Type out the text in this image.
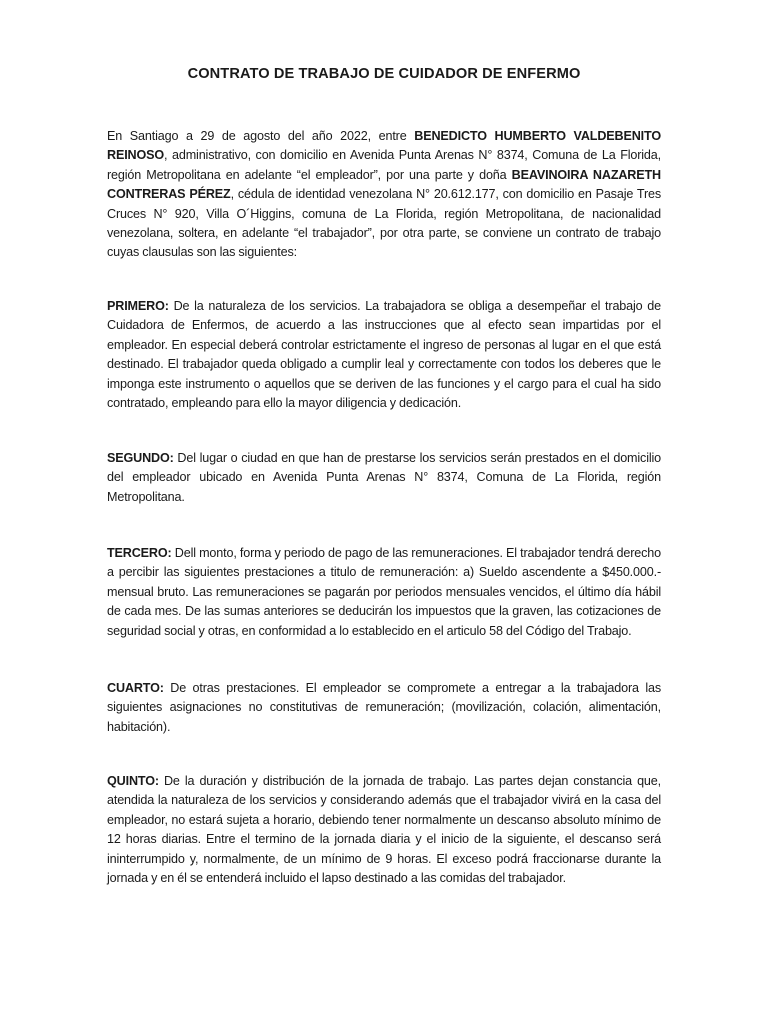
CONTRATO DE TRABAJO DE CUIDADOR DE ENFERMO

En Santiago a 29 de agosto del año 2022, entre BENEDICTO HUMBERTO VALDEBENITO REINOSO, administrativo, con domicilio en Avenida Punta Arenas N° 8374, Comuna de La Florida, región Metropolitana en adelante “el empleador”, por una parte y doña BEAVINOIRA NAZARETH CONTRERAS PÉREZ, cédula de identidad venezolana N° 20.612.177, con domicilio en Pasaje Tres Cruces N° 920, Villa O´Higgins, comuna de La Florida, región Metropolitana, de nacionalidad venezolana, soltera, en adelante “el trabajador”, por otra parte, se conviene un contrato de trabajo cuyas clausulas son las siguientes:

PRIMERO: De la naturaleza de los servicios. La trabajadora se obliga a desempeñar el trabajo de Cuidadora de Enfermos, de acuerdo a las instrucciones que al efecto sean impartidas por el empleador. En especial deberá controlar estrictamente el ingreso de personas al lugar en el que está destinado. El trabajador queda obligado a cumplir leal y correctamente con todos los deberes que le imponga este instrumento o aquellos que se deriven de las funciones y el cargo para el cual ha sido contratado, empleando para ello la mayor diligencia y dedicación.

SEGUNDO: Del lugar o ciudad en que han de prestarse los servicios serán prestados en el domicilio del empleador ubicado en Avenida Punta Arenas N° 8374, Comuna de La Florida, región Metropolitana.

TERCERO: Dell monto, forma y periodo de pago de las remuneraciones. El trabajador tendrá derecho a percibir las siguientes prestaciones a titulo de remuneración: a) Sueldo ascendente a $450.000.- mensual bruto. Las remuneraciones se pagarán por periodos mensuales vencidos, el último día hábil de cada mes. De las sumas anteriores se deducirán los impuestos que la graven, las cotizaciones de seguridad social y otras, en conformidad a lo establecido en el articulo 58 del Código del Trabajo.

CUARTO: De otras prestaciones. El empleador se compromete a entregar a la trabajadora las siguientes asignaciones no constitutivas de remuneración; (movilización, colación, alimentación, habitación).

QUINTO: De la duración y distribución de la jornada de trabajo. Las partes dejan constancia que, atendida la naturaleza de los servicios y considerando además que el trabajador vivirá en la casa del empleador, no estará sujeta a horario, debiendo tener normalmente un descanso absoluto mínimo de 12 horas diarias. Entre el termino de la jornada diaria y el inicio de la siguiente, el descanso será ininterrumpido y, normalmente, de un mínimo de 9 horas. El exceso podrá fraccionarse durante la jornada y en él se entenderá incluido el lapso destinado a las comidas del trabajador.
